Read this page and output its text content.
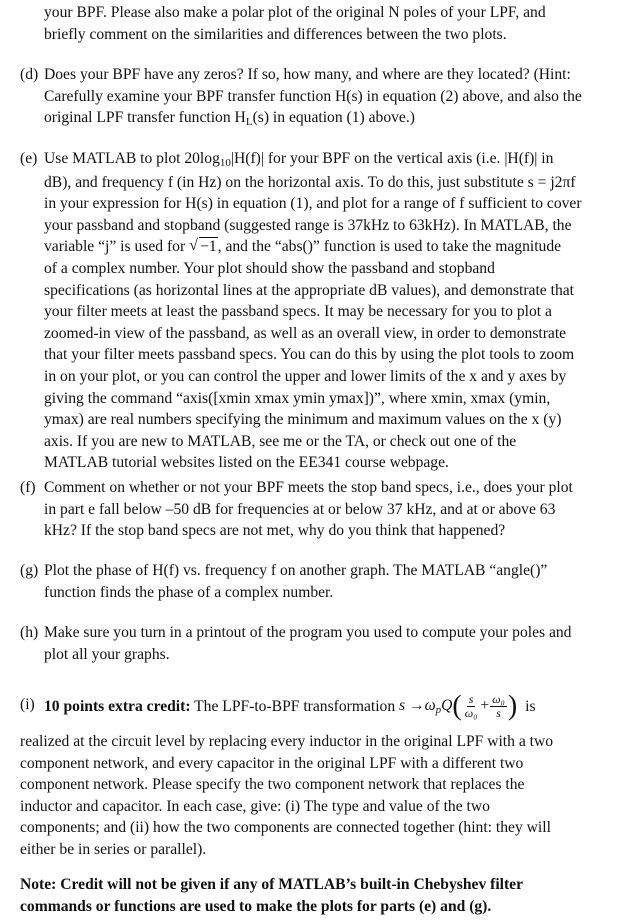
your BPF. Please also make a polar plot of the original N poles of your LPF, and

briefly comment on the similarities and differences between the two plots.

(d) Does your BPF have any zeros? If so, how many, and where are they located? (Hint:

Carefully examine your BPF transfer function H(s) in equation (2) above, and also the

original LPF transfer function HL(s) in equation (1) above.)

(e) Use MATLAB to plot 20log10|H(f)| for your BPF on the vertical axis (i.e. |H(f)| in

dB), and frequency f (in Hz) on the horizontal axis. To do this, just substitute s = j2πf

in your expression for H(s) in equation (1), and plot for a range of f sufficient to cover

your passband and stopband (suggested range is 37kHz to 63kHz). In MATLAB, the

variable “j” is used for √ −1, and the “abs()” function is used to take the magnitude

of a complex number. Your plot should show the passband and stopband

specifications (as horizontal lines at the appropriate dB values), and demonstrate that

your filter meets at least the passband specs. It may be necessary for you to plot a

zoomed-in view of the passband, as well as an overall view, in order to demonstrate

that your filter meets passband specs. You can do this by using the plot tools to zoom

in on your plot, or you can control the upper and lower limits of the x and y axes by

giving the command “axis([xmin xmax ymin ymax])”, where xmin, xmax (ymin,

ymax) are real numbers specifying the minimum and maximum values on the x (y)

axis. If you are new to MATLAB, see me or the TA, or check out one of the

MATLAB tutorial websites listed on the EE341 course webpage.

(f) Comment on whether or not your BPF meets the stop band specs, i.e., does your plot

in part e fall below –50 dB for frequencies at or below 37 kHz, and at or above 63

kHz? If the stop band specs are not met, why do you think that happened?

(g) Plot the phase of H(f) vs. frequency f on another graph. The MATLAB “angle()”

function finds the phase of a complex number.

(h) Make sure you turn in a printout of the program you used to compute your poles and

plot all your graphs.

(i) 10 points extra credit: The LPF-to-BPF transformation $s \to\omega pQ( \frac{s}{\text{ω₀}} + \frac{\text{ω₀}}{s}$ ) is

realized at the circuit level by replacing every inductor in the original LPF with a two

component network, and every capacitor in the original LPF with a different two

component network. Please specify the two component network that replaces the

inductor and capacitor. In each case, give: (i) The type and value of the two

components; and (ii) how the two components are connected together (hint: they will

either be in series or parallel).

Note: Credit will not be given if any of MATLAB’s built-in Chebyshev filter

commands or functions are used to make the plots for parts (e) and (g).
